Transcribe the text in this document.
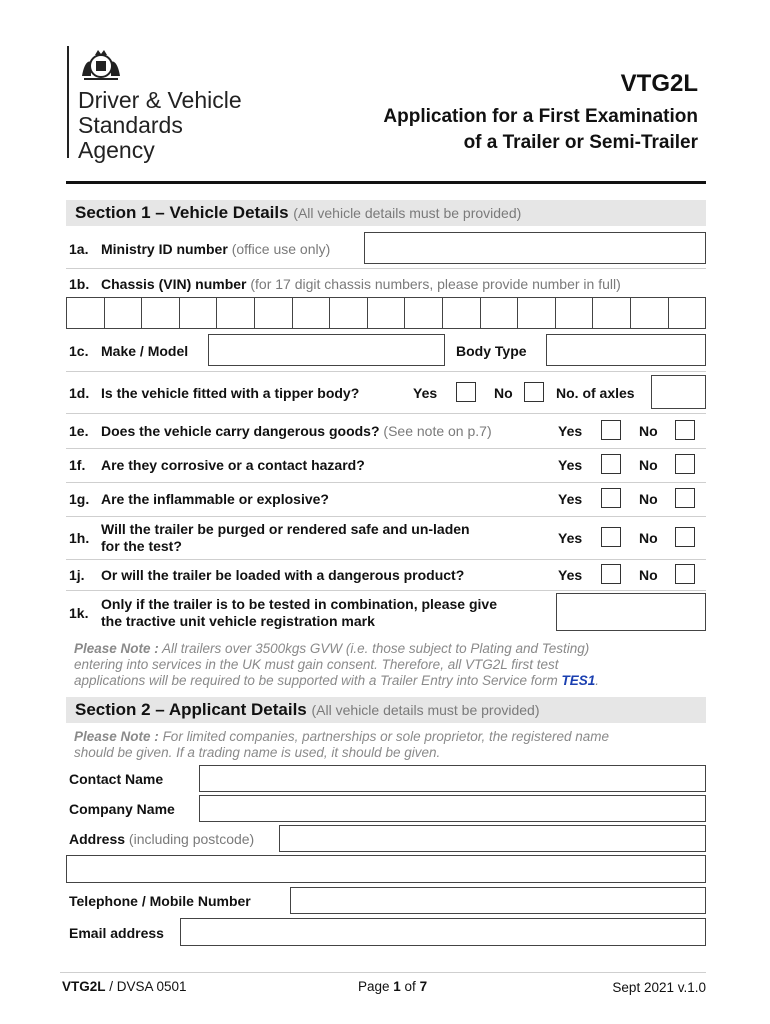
Driver & Vehicle
Standards
Agency
VTG2L
Application for a First Examination
of a Trailer or Semi-Trailer
Section 1 – Vehicle Details (All vehicle details must be provided)
1a. Ministry ID number (office use only)
1b. Chassis (VIN) number (for 17 digit chassis numbers, please provide number in full)
1c. Make / Model	Body Type
1d. Is the vehicle fitted with a tipper body?	Yes	No	No. of axles
1e. Does the vehicle carry dangerous goods? (See note on p.7)	Yes	No
1f. Are they corrosive or a contact hazard?	Yes	No
1g. Are the inflammable or explosive?	Yes	No
1h.
Will the trailer be purged or rendered safe and un-laden
for the test?	Yes	No
1j. Or will the trailer be loaded with a dangerous product?	Yes	No
1k.
Only if the trailer is to be tested in combination, please give
the tractive unit vehicle registration mark
Please Note : All trailers over 3500kgs GVW (i.e. those subject to Plating and Testing)
entering into services in the UK must gain consent. Therefore, all VTG2L first test
applications will be required to be supported with a Trailer Entry into Service form TES1.
Section 2 – Applicant Details (All vehicle details must be provided)
Please Note : For limited companies, partnerships or sole proprietor, the registered name
should be given. If a trading name is used, it should be given.
Contact Name
Company Name
Address (including postcode)
Telephone / Mobile Number
Email address
VTG2L / DVSA 0501	Page 1 of 7	Sept 2021 v.1.0
